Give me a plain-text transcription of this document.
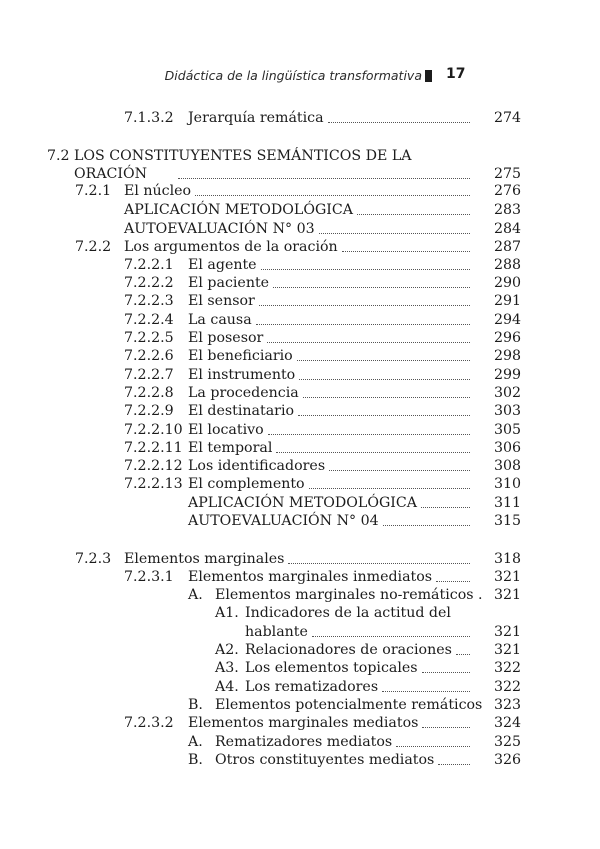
Didáctica de la lingüística transformativa 17
7.1.3.2 Jerarquía remática	274
7.2 LOS CONSTITUYENTES SEMÁNTICOS DE LA
ORACIÓN	275
7.2.1 El núcleo	276
APLICACIÓN METODOLÓGICA	283
AUTOEVALUACIÓN N° 03	284
7.2.2 Los argumentos de la oración	287
7.2.2.1 El agente	288
7.2.2.2 El paciente	290
7.2.2.3 El sensor	291
7.2.2.4 La causa	294
7.2.2.5 El posesor	296
7.2.2.6 El beneficiario	298
7.2.2.7 El instrumento	299
7.2.2.8 La procedencia	302
7.2.2.9 El destinatario	303
7.2.2.10 El locativo	305
7.2.2.11 El temporal	306
7.2.2.12 Los identificadores	308
7.2.2.13 El complemento	310
APLICACIÓN METODOLÓGICA	311
AUTOEVALUACIÓN N° 04	315
7.2.3 Elementos marginales	318
7.2.3.1 Elementos marginales inmediatos	321
A. Elementos marginales no-remáticos . 321
A1. Indicadores de la actitud del
hablante	321
A2. Relacionadores de oraciones	321
A3. Los elementos topicales	322
A4. Los rematizadores	322
B. Elementos potencialmente remáticos 323
7.2.3.2 Elementos marginales mediatos	324
A. Rematizadores mediatos	325
B. Otros constituyentes mediatos	326
